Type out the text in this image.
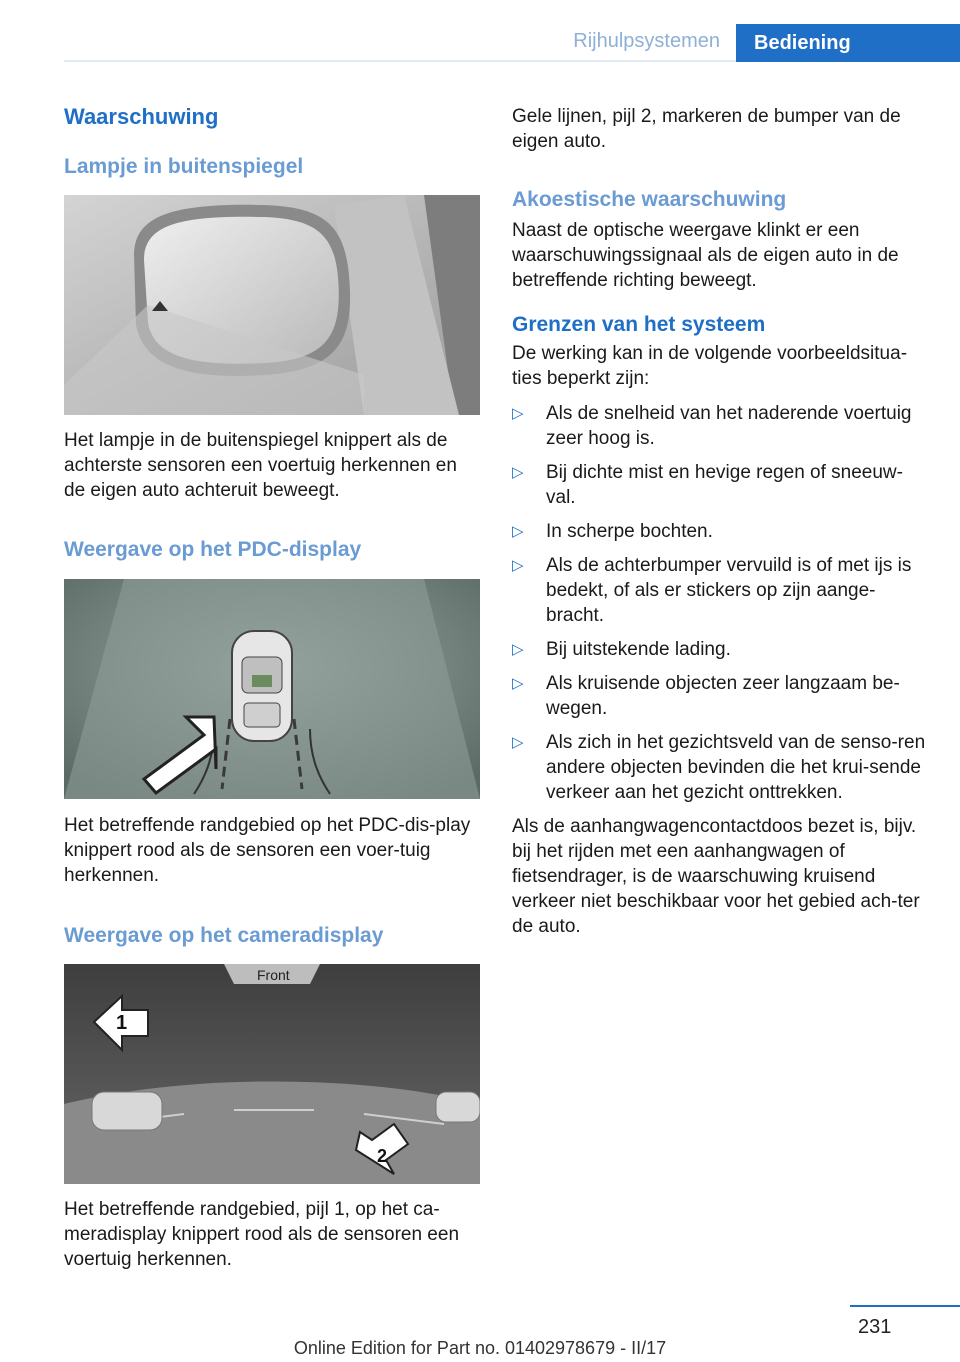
Rijhulpsystemen	Bediening
Waarschuwing
Lampje in buitenspiegel

Het lampje in de buitenspiegel knippert als de achterste sensoren een voertuig herkennen en de eigen auto achteruit beweegt.

Weergave op het PDC-display

Het betreffende randgebied op het PDC-dis-play knippert rood als de sensoren een voer-tuig herkennen.

Weergave op het cameradisplay
Front
1
2

Het betreffende randgebied, pijl 1, op het ca-meradisplay knippert rood als de sensoren een voertuig herkennen.

Gele lijnen, pijl 2, markeren de bumper van de eigen auto.

Akoestische waarschuwing

Naast de optische weergave klinkt er een waarschuwingssignaal als de eigen auto in de betreffende richting beweegt.

Grenzen van het systeem

De werking kan in de volgende voorbeeldsitua-ties beperkt zijn:

▷ Als de snelheid van het naderende voertuig zeer hoog is.
▷ Bij dichte mist en hevige regen of sneeuw-val.
▷ In scherpe bochten.
▷ Als de achterbumper vervuild is of met ijs is bedekt, of als er stickers op zijn aange-bracht.
▷ Bij uitstekende lading.
▷ Als kruisende objecten zeer langzaam be-wegen.
▷ Als zich in het gezichtsveld van de senso-ren andere objecten bevinden die het krui-sende verkeer aan het gezicht onttrekken.

Als de aanhangwagencontactdoos bezet is, bijv. bij het rijden met een aanhangwagen of fietsendrager, is de waarschuwing kruisend verkeer niet beschikbaar voor het gebied ach-ter de auto.

231
Online Edition for Part no. 01402978679 - II/17
